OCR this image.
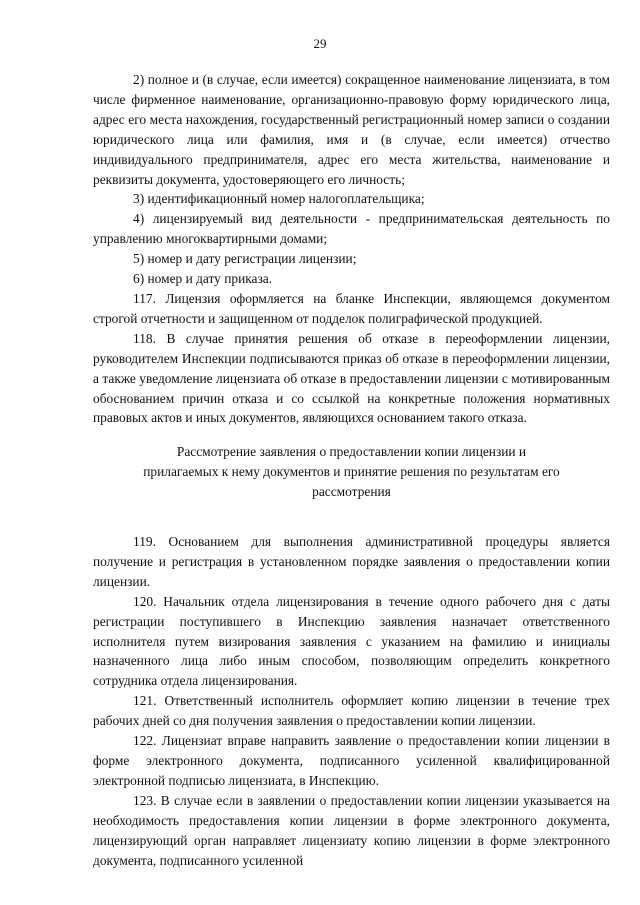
29

2) полное и (в случае, если имеется) сокращенное наименование лицензиата, в том числе фирменное наименование, организационно-правовую форму юридического лица, адрес его места нахождения, государственный регистрационный номер записи о создании юридического лица или фамилия, имя и (в случае, если имеется) отчество индивидуального предпринимателя, адрес его места жительства, наименование и реквизиты документа, удостоверяющего его личность;

3) идентификационный номер налогоплательщика;

4) лицензируемый вид деятельности - предпринимательская деятельность по управлению многоквартирными домами;

5) номер и дату регистрации лицензии;

6) номер и дату приказа.

117. Лицензия оформляется на бланке Инспекции, являющемся документом строгой отчетности и защищенном от подделок полиграфической продукцией.

118. В случае принятия решения об отказе в переоформлении лицензии, руководителем Инспекции подписываются приказ об отказе в переоформлении лицензии, а также уведомление лицензиата об отказе в предоставлении лицензии с мотивированным обоснованием причин отказа и со ссылкой на конкретные положения нормативных правовых актов и иных документов, являющихся основанием такого отказа.

Рассмотрение заявления о предоставлении копии лицензии и
прилагаемых к нему документов и принятие решения по результатам его
рассмотрения

119. Основанием для выполнения административной процедуры является получение и регистрация в установленном порядке заявления о предоставлении копии лицензии.

120. Начальник отдела лицензирования в течение одного рабочего дня с даты регистрации поступившего в Инспекцию заявления назначает ответственного исполнителя путем визирования заявления с указанием на фамилию и инициалы назначенного лица либо иным способом, позволяющим определить конкретного сотрудника отдела лицензирования.

121. Ответственный исполнитель оформляет копию лицензии в течение трех рабочих дней со дня получения заявления о предоставлении копии лицензии.

122. Лицензиат вправе направить заявление о предоставлении копии лицензии в форме электронного документа, подписанного усиленной квалифицированной электронной подписью лицензиата, в Инспекцию.

123. В случае если в заявлении о предоставлении копии лицензии указывается на необходимость предоставления копии лицензии в форме электронного документа, лицензирующий орган направляет лицензиату копию лицензии в форме электронного документа, подписанного усиленной
